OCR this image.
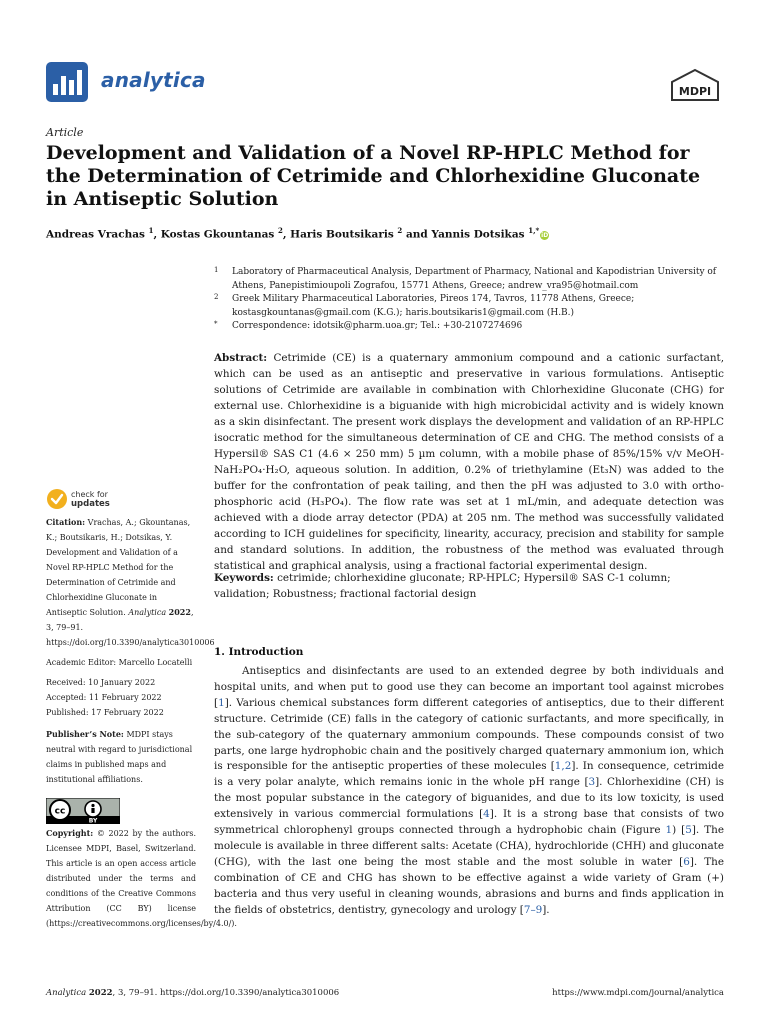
analytica	MDPI
Article
Development and Validation of a Novel RP-HPLC Method for the Determination of Cetrimide and Chlorhexidine Gluconate in Antiseptic Solution
Andreas Vrachas $^1$, Kostas Gkountanas $^2$, Haris Boutsikaris $^2$ and Yannis Dotsikas $^{1,*}$ iD
1 Laboratory of Pharmaceutical Analysis, Department of Pharmacy, National and Kapodistrian University of Athens, Panepistimioupoli Zografou, 15771 Athens, Greece; andrew_vra95@hotmail.com
2 Greek Military Pharmaceutical Laboratories, Pireos 174, Tavros, 11778 Athens, Greece; kostasgkountanas@gmail.com (K.G.); haris.boutsikaris1@gmail.com (H.B.)
* Correspondence: idotsik@pharm.uoa.gr; Tel.: +30-2107274696
Abstract: Cetrimide (CE) is a quaternary ammonium compound and a cationic surfactant, which can be used as an antiseptic and preservative in various formulations. Antiseptic solutions of Cetrimide are available in combination with Chlorhexidine Gluconate (CHG) for external use. Chlorhexidine is a biguanide with high microbicidal activity and is widely known as a skin disinfectant. The present work displays the development and validation of an RP-HPLC isocratic method for the simultaneous determination of CE and CHG. The method consists of a Hypersil® SAS C1 (4.6 × 250 mm) 5 µm column, with a mobile phase of 85%/15% v/v MeOH-NaH₂PO₄·H₂O, aqueous solution. In addition, 0.2% of triethylamine (Et₃N) was added to the buffer for the confrontation of peak tailing, and then the pH was adjusted to 3.0 with ortho-phosphoric acid (H₃PO₄). The flow rate was set at 1 mL/min, and adequate detection was achieved with a diode array detector (PDA) at 205 nm. The method was successfully validated according to ICH guidelines for specificity, linearity, accuracy, precision and stability for sample and standard solutions. In addition, the robustness of the method was evaluated through statistical and graphical analysis, using a fractional factorial experimental design.
Keywords: cetrimide; chlorhexidine gluconate; RP-HPLC; Hypersil® SAS C-1 column; validation; Robustness; fractional factorial design
check for
updates
Citation: Vrachas, A.; Gkountanas, K.; Boutsikaris, H.; Dotsikas, Y. Development and Validation of a Novel RP-HPLC Method for the Determination of Cetrimide and Chlorhexidine Gluconate in Antiseptic Solution. Analytica 2022, 3, 79–91. https://doi.org/10.3390/analytica3010006
Academic Editor: Marcello Locatelli
Received: 10 January 2022
Accepted: 11 February 2022
Published: 17 February 2022
Publisher’s Note: MDPI stays neutral with regard to jurisdictional claims in published maps and institutional affiliations.
cc
BY
Copyright: © 2022 by the authors. Licensee MDPI, Basel, Switzerland. This article is an open access article distributed under the terms and conditions of the Creative Commons Attribution (CC BY) license (https://creativecommons.org/licenses/by/4.0/).
1. Introduction
Antiseptics and disinfectants are used to an extended degree by both individuals and hospital units, and when put to good use they can become an important tool against microbes [1]. Various chemical substances form different categories of antiseptics, due to their different structure. Cetrimide (CE) falls in the category of cationic surfactants, and more specifically, in the sub-category of the quaternary ammonium compounds. These compounds consist of two parts, one large hydrophobic chain and the positively charged quaternary ammonium ion, which is responsible for the antiseptic properties of these molecules [1,2]. In consequence, cetrimide is a very polar analyte, which remains ionic in the whole pH range [3]. Chlorhexidine (CH) is the most popular substance in the category of biguanides, and due to its low toxicity, is used extensively in various commercial formulations [4]. It is a strong base that consists of two symmetrical chlorophenyl groups connected through a hydrophobic chain (Figure 1) [5]. The molecule is available in three different salts: Acetate (CHA), hydrochloride (CHH) and gluconate (CHG), with the last one being the most stable and the most soluble in water [6]. The combination of CE and CHG has shown to be effective against a wide variety of Gram (+) bacteria and thus very useful in cleaning wounds, abrasions and burns and finds application in the fields of obstetrics, dentistry, gynecology and urology [7–9].
Analytica 2022, 3, 79–91. https://doi.org/10.3390/analytica3010006	https://www.mdpi.com/journal/analytica
